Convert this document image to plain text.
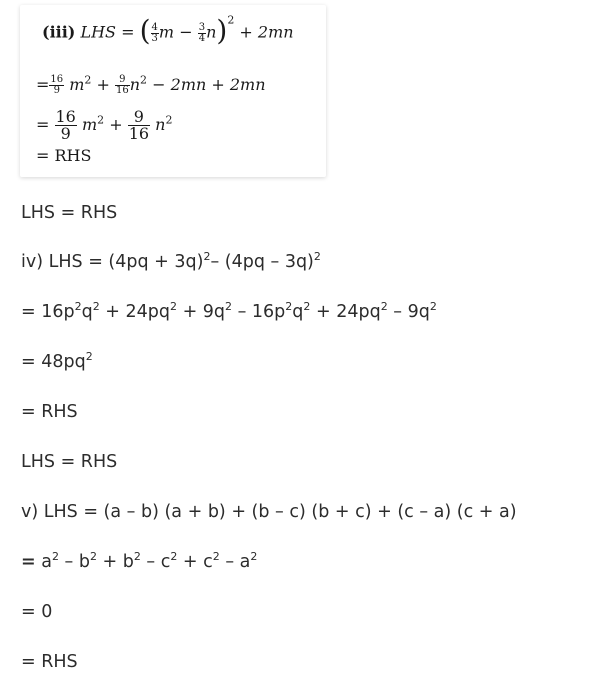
(iii) LHS = ( $\frac{4}{3}$ $m - \frac{3}{4} n)^2 + 2mn$
= $\frac{16}{9} m^2 + \frac{9}{16} n^2 - 2mn + 2mn$
= $\frac{16}{9} m^2 + \frac{9}{16} n^2$
= RHS
LHS = RHS
iv) LHS = $(4pq + 3q)^2-$ (4pq – 3q)$^2$
= $16p^2q^2 + 24pq^2 + 9q^2 - 16p^2q^2 + 24pq^2 - 9q^2$
= $48pq^2$
= RHS
LHS = RHS
v) LHS = (a – b) (a + b) + (b – c) (b + c) + (c – a) (c + a)
= $a^2 - b^2 + b^2 - c^2 + c^2 - a^2$
= 0
= RHS
